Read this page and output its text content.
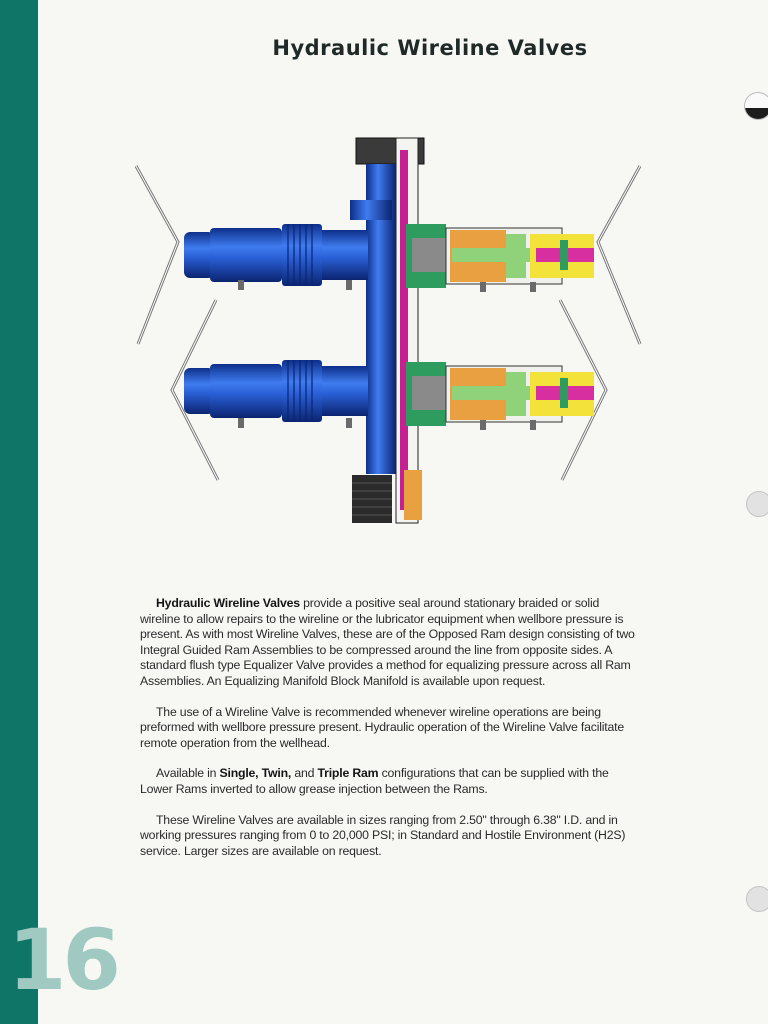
Hydraulic Wireline Valves

Hydraulic Wireline Valves provide a positive seal around stationary braided or solid wireline to allow repairs to the wireline or the lubricator equipment when wellbore pressure is present. As with most Wireline Valves, these are of the Opposed Ram design consisting of two Integral Guided Ram Assemblies to be compressed around the line from opposite sides. A standard flush type Equalizer Valve provides a method for equalizing pressure across all Ram Assemblies. An Equalizing Manifold Block Manifold is available upon request.

The use of a Wireline Valve is recommended whenever wireline operations are being preformed with wellbore pressure present. Hydraulic operation of the Wireline Valve facilitate remote operation from the wellhead.

Available in Single, Twin, and Triple Ram configurations that can be supplied with the Lower Rams inverted to allow grease injection between the Rams.

These Wireline Valves are available in sizes ranging from 2.50" through 6.38" I.D. and in working pressures ranging from 0 to 20,000 PSI; in Standard and Hostile Environment (H2S) service. Larger sizes are available on request.

16
